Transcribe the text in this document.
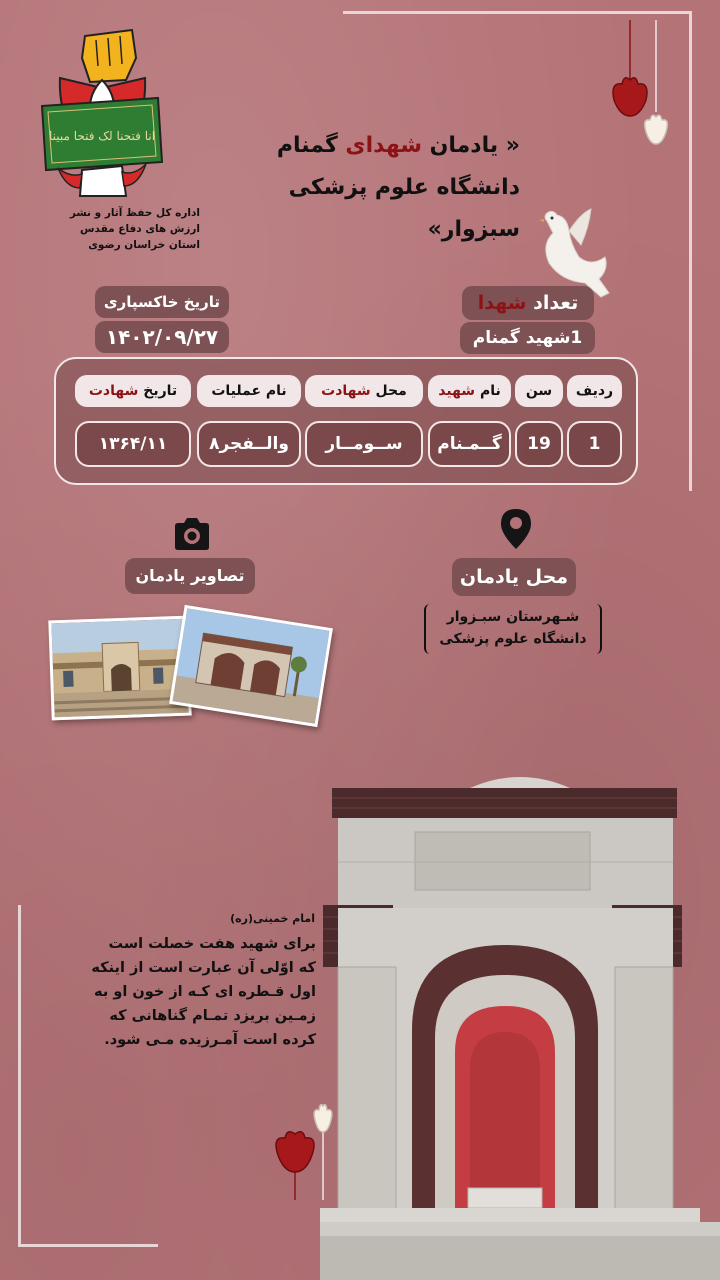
انا فتحنا لک فتحا مبینا
اداره کل حفظ آثار و نشر
ارزش های دفاع مقدس
استان خراسان رضوی
« یادمان شهدای گمنام
دانشگاه علوم پزشکی سبزوار»
تعداد شهدا
1شهید گمنام
تاریخ خاکسپاری
۱۴۰۲/۰۹/۲۷
ردیف
سن
نام شهید
محل شهادت
نام عملیات
تاریخ شهادت
1
19
گــمـنام
ســومــار
والــفجر۸
۱۳۶۴/۱۱
محل یادمان
شـهرستان سبـزوار
دانشگاه علوم پزشکی
تصاویر یادمان
امام خمینی(ره)
برای شهید هفت خصلت است
که اوّلی آن عبارت است از اینکه
اول قـطره ای کـه از خون او به
زمـین بریزد تمـام گناهانی که
کرده است آمـرزیده مـی شود.
